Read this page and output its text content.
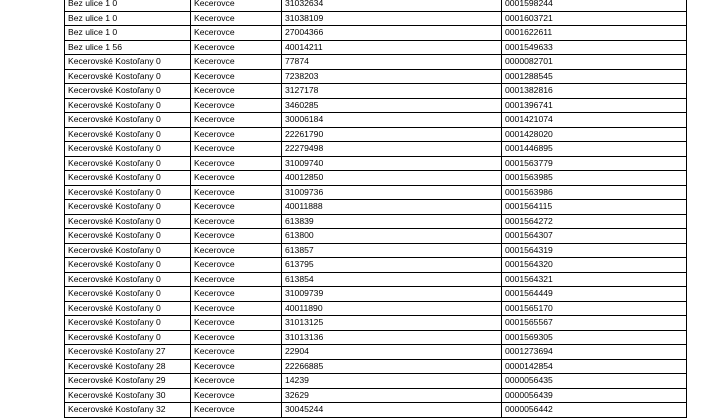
Bez ulice 1 0	Kecerovce	31032634	0001598244
Bez ulice 1 0	Kecerovce	31038109	0001603721
Bez ulice 1 0	Kecerovce	27004366	0001622611
Bez ulice 1 56	Kecerovce	40014211	0001549633
Kecerovské Kostoľany 0	Kecerovce	77874	0000082701
Kecerovské Kostoľany 0	Kecerovce	7238203	0001288545
Kecerovské Kostoľany 0	Kecerovce	3127178	0001382816
Kecerovské Kostoľany 0	Kecerovce	3460285	0001396741
Kecerovské Kostoľany 0	Kecerovce	30006184	0001421074
Kecerovské Kostoľany 0	Kecerovce	22261790	0001428020
Kecerovské Kostoľany 0	Kecerovce	22279498	0001446895
Kecerovské Kostoľany 0	Kecerovce	31009740	0001563779
Kecerovské Kostoľany 0	Kecerovce	40012850	0001563985
Kecerovské Kostoľany 0	Kecerovce	31009736	0001563986
Kecerovské Kostoľany 0	Kecerovce	40011888	0001564115
Kecerovské Kostoľany 0	Kecerovce	613839	0001564272
Kecerovské Kostoľany 0	Kecerovce	613800	0001564307
Kecerovské Kostoľany 0	Kecerovce	613857	0001564319
Kecerovské Kostoľany 0	Kecerovce	613795	0001564320
Kecerovské Kostoľany 0	Kecerovce	613854	0001564321
Kecerovské Kostoľany 0	Kecerovce	31009739	0001564449
Kecerovské Kostoľany 0	Kecerovce	40011890	0001565170
Kecerovské Kostoľany 0	Kecerovce	31013125	0001565567
Kecerovské Kostoľany 0	Kecerovce	31013136	0001569305
Kecerovské Kostoľany 27	Kecerovce	22904	0001273694
Kecerovské Kostoľany 28	Kecerovce	22266885	0000142854
Kecerovské Kostoľany 29	Kecerovce	14239	0000056435
Kecerovské Kostoľany 30	Kecerovce	32629	0000056439
Kecerovské Kostoľany 32	Kecerovce	30045244	0000056442
